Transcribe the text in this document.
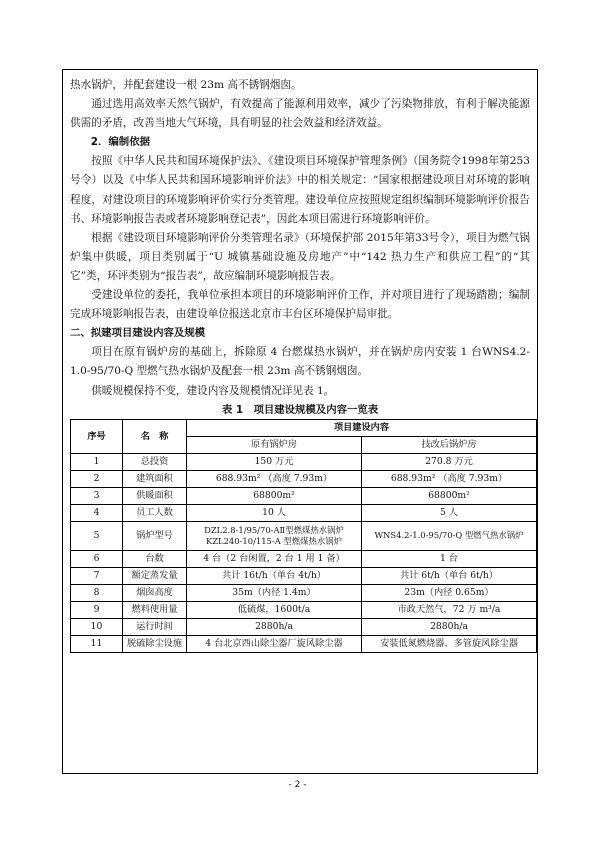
热水锅炉，并配套建设一根 23m 高不锈钢烟囱。

通过选用高效率天然气锅炉，有效提高了能源利用效率，减少了污染物排放，有利于解决能源供需的矛盾，改善当地大气环境，具有明显的社会效益和经济效益。

2．编制依据

按照《中华人民共和国环境保护法》、《建设项目环境保护管理条例》（国务院令1998年第253号令）以及《中华人民共和国环境影响评价法》中的相关规定：“国家根据建设项目对环境的影响程度，对建设项目的环境影响评价实行分类管理。建设单位应按照规定组织编制环境影响评价报告书、环境影响报告表或者环境影响登记表”，因此本项目需进行环境影响评价。

根据《建设项目环境影响评价分类管理名录》（环境保护部 2015年第33号令），项目为燃气锅炉集中供暖，项目类别属于“U 城镇基础设施及房地产”中“142 热力生产和供应工程”的“其它”类，环评类别为“报告表”，故应编制环境影响报告表。

受建设单位的委托，我单位承担本项目的环境影响评价工作，并对项目进行了现场踏勘；编制完成环境影响报告表，由建设单位报送北京市丰台区环境保护局审批。

二、拟建项目建设内容及规模

项目在原有锅炉房的基础上，拆除原 4 台燃煤热水锅炉，并在锅炉房内安装 1 台WNS4.2-1.0-95/70-Q 型燃气热水锅炉及配套一根 23m 高不锈钢烟囱。

供暖规模保持不变，建设内容及规模情况详见表 1。

表 1　项目建设规模及内容一览表
序号	名　称	项目建设内容	
		原有锅炉房	技改后锅炉房
1	总投资	150 万元	270.8 万元
2	建筑面积	688.93m² （高度 7.93m）	688.93m² （高度 7.93m）
3	供暖面积	68800m²	68800m²
4	员工人数	10 人	5 人
5	锅炉型号	DZL2.8-1/95/70-AⅡ型燃煤热水锅炉
KZL240-10/115-A 型燃煤热水锅炉	WNS4.2-1.0-95/70-Q 型燃气热水锅炉
6	台数	4 台（2 台闲置，2 台 1 用 1 备）	1 台
7	额定蒸发量	共计 16t/h（单台 4t/h）	共计 6t/h（单台 6t/h）
8	烟囱高度	35m（内径 1.4m）	23m（内径 0.65m）
9	燃料使用量	低硫煤，1600t/a	市政天然气，72 万 m³/a
10	运行时间	2880h/a	2880h/a
11	脱硫除尘设施	4 台北京西山除尘器厂旋风除尘器	安装低氮燃烧器、多管旋风除尘器
- 2 -
